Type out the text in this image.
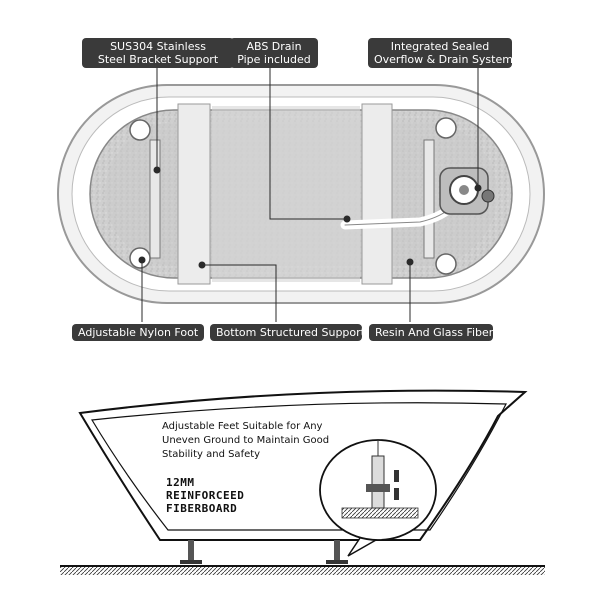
SUS304 Stainless
Steel Bracket Support
ABS Drain
Pipe included
Integrated Sealed
Overflow & Drain System
Adjustable Nylon Foot Bottom Structured Support Resin And Glass Fiber
Adjustable Feet Suitable for Any
Uneven Ground to Maintain Good
Stability and Safety
12MM
REINFORCEED
FIBERBOARD
